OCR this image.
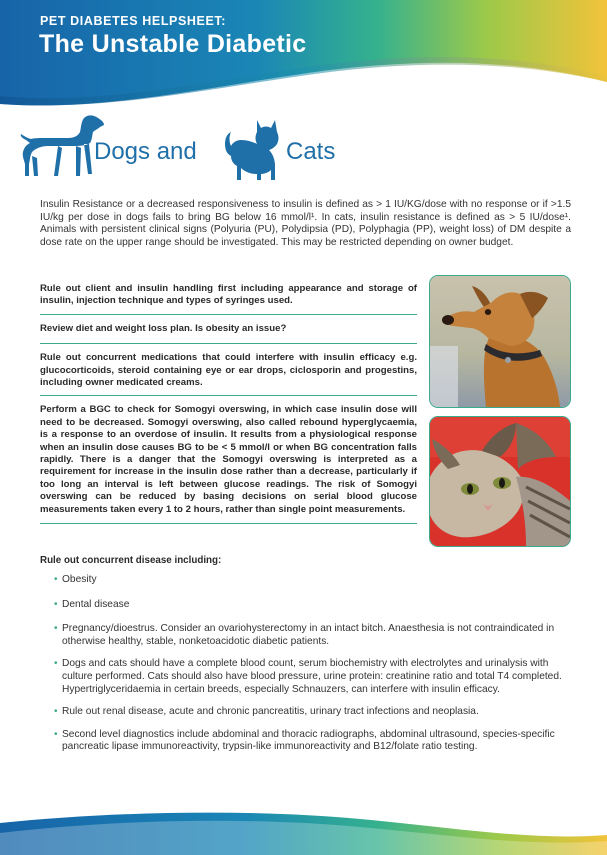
PET DIABETES HELPSHEET:
The Unstable Diabetic
Dogs and	Cats
Insulin Resistance or a decreased responsiveness to insulin is defined as > 1 IU/KG/dose with no response or if >1.5 IU/kg per dose in dogs fails to bring BG below 16 mmol/l¹. In cats, insulin resistance is defined as > 5 IU/dose¹. Animals with persistent clinical signs (Polyuria (PU), Polydipsia (PD), Polyphagia (PP), weight loss) of DM despite a dose rate on the upper range should be investigated. This may be restricted depending on owner budget.
Rule out client and insulin handling first including appearance and storage of insulin, injection technique and types of syringes used.
Review diet and weight loss plan. Is obesity an issue?
Rule out concurrent medications that could interfere with insulin efficacy e.g. glucocorticoids, steroid containing eye or ear drops, ciclosporin and progestins, including owner medicated creams.
Perform a BGC to check for Somogyi overswing, in which case insulin dose will need to be decreased. Somogyi overswing, also called rebound hyperglycaemia, is a response to an overdose of insulin. It results from a physiological response when an insulin dose causes BG to be < 5 mmol/l or when BG concentration falls rapidly. There is a danger that the Somogyi overswing is interpreted as a requirement for increase in the insulin dose rather than a decrease, particularly if too long an interval is left between glucose readings. The risk of Somogyi overswing can be reduced by basing decisions on serial blood glucose measurements taken every 1 to 2 hours, rather than single point measurements.
Rule out concurrent disease including:
• Obesity
• Dental disease
• Pregnancy/dioestrus. Consider an ovariohysterectomy in an intact bitch. Anaesthesia is not contraindicated in otherwise healthy, stable, nonketoacidotic diabetic patients.
• Dogs and cats should have a complete blood count, serum biochemistry with electrolytes and urinalysis with culture performed. Cats should also have blood pressure, urine protein: creatinine ratio and total T4 completed. Hypertriglyceridaemia in certain breeds, especially Schnauzers, can interfere with insulin efficacy.
• Rule out renal disease, acute and chronic pancreatitis, urinary tract infections and neoplasia.
• Second level diagnostics include abdominal and thoracic radiographs, abdominal ultrasound, species-specific pancreatic lipase immunoreactivity, trypsin-like immunoreactivity and B12/folate ratio testing.
